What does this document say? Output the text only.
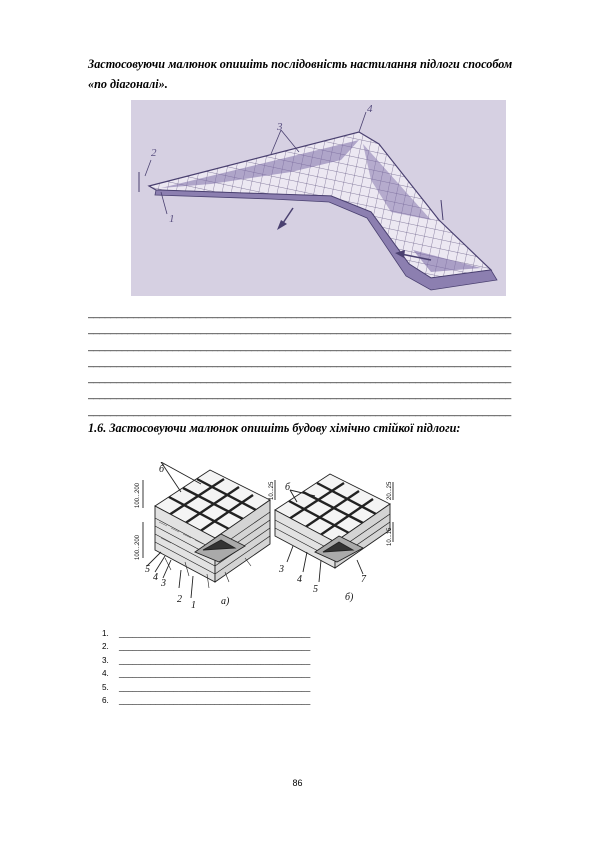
Застосовуючи малюнок опишіть послідовність настилання підлоги способом «по діагоналі».
1
2
3
4
___________________________________________________________________________
___________________________________________________________________________
___________________________________________________________________________
___________________________________________________________________________
___________________________________________________________________________
___________________________________________________________________________
___________________________________________________________________________
1.6. Застосовуючи малюнок опишіть будову хімічно стійкої підлоги:
б
1
2
3
4
5
a)
б
3
4
5
7
б)
100...200
100...200
10...25	20...25
10...15
1. __________________________________________
2. __________________________________________
3. __________________________________________
4. __________________________________________
5. __________________________________________
6. __________________________________________
86
